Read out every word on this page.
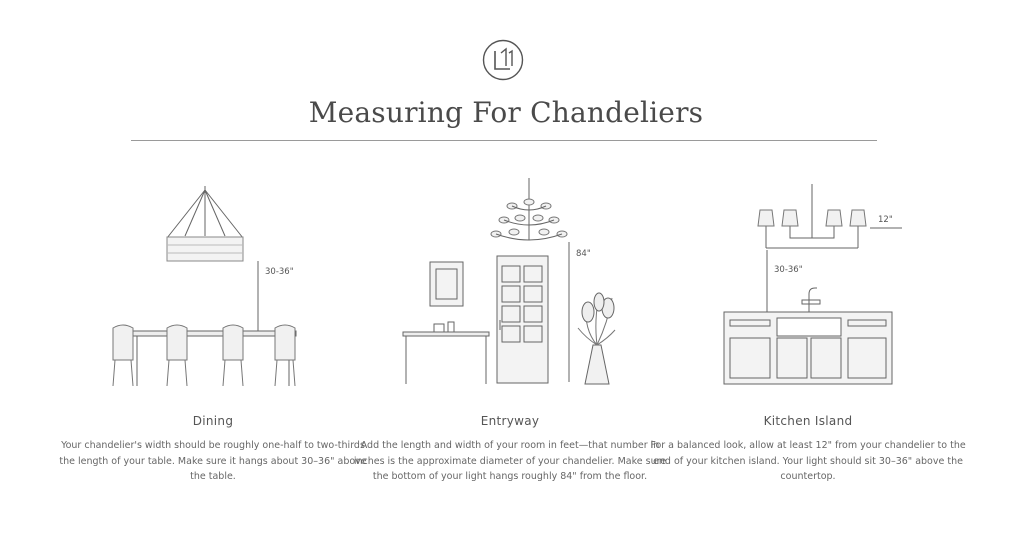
Measuring For Chandeliers
30-36"
Dining
Your chandelier's width should be roughly one-half to two-thirds the length of your table. Make sure it hangs about 30–36" above the table.
84"
Entryway
Add the length and width of your room in feet—that number in inches is the approximate diameter of your chandelier. Make sure the bottom of your light hangs roughly 84" from the floor.
12"
30-36"
Kitchen Island
For a balanced look, allow at least 12" from your chandelier to the end of your kitchen island. Your light should sit 30–36" above the countertop.
